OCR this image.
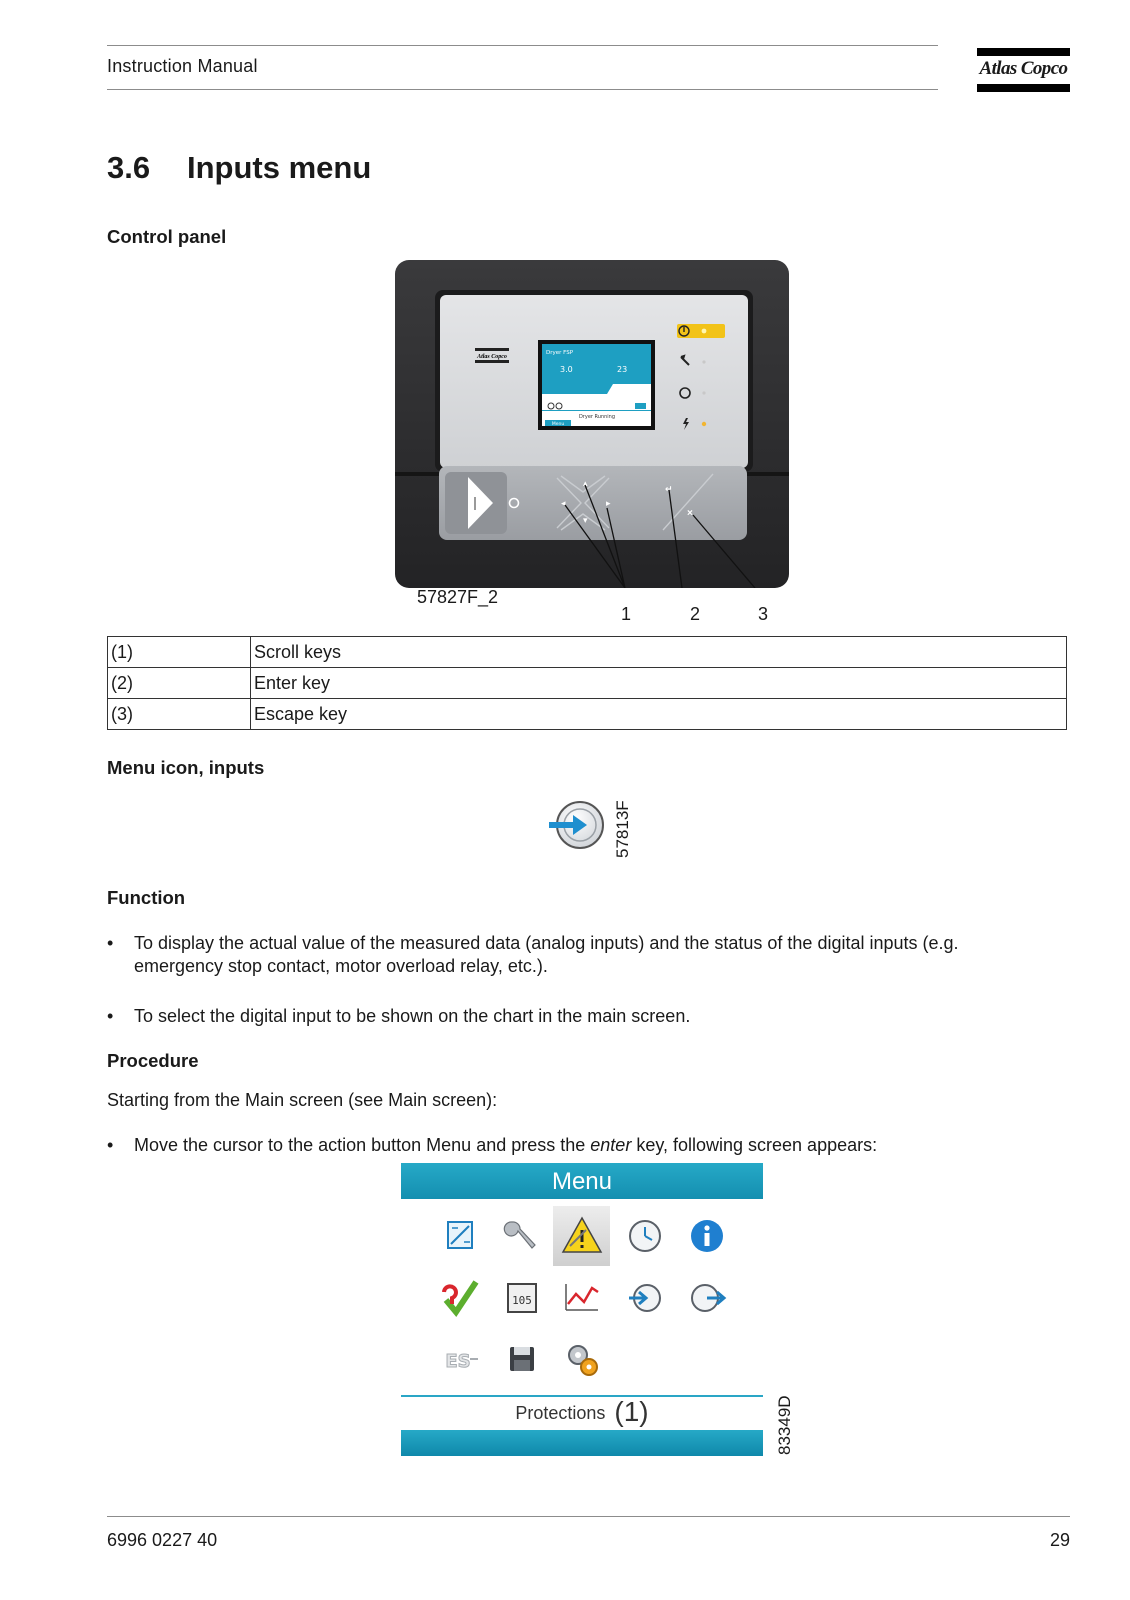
Instruction Manual	Atlas Copco
3.6 Inputs menu
Control panel
Atlas Copco
Dryer FSP
3.0	23
Dryer Running
Menu
◂
▴
▸
▾
↵
×
57827F_2
1	2	3
(1)	Scroll keys
(2)	Enter key
(3)	Escape key
Menu icon, inputs
57813F
Function
• To display the actual value of the measured data (analog inputs) and the status of the digital inputs (e.g. emergency stop contact, motor overload relay, etc.).
• To select the digital input to be shown on the chart in the main screen.
Procedure
Starting from the Main screen (see Main screen):
• Move the cursor to the action button Menu and press the enter key, following screen appears:
Menu
105
ES
Protections (1)	83349D
6996 0227 40	29
